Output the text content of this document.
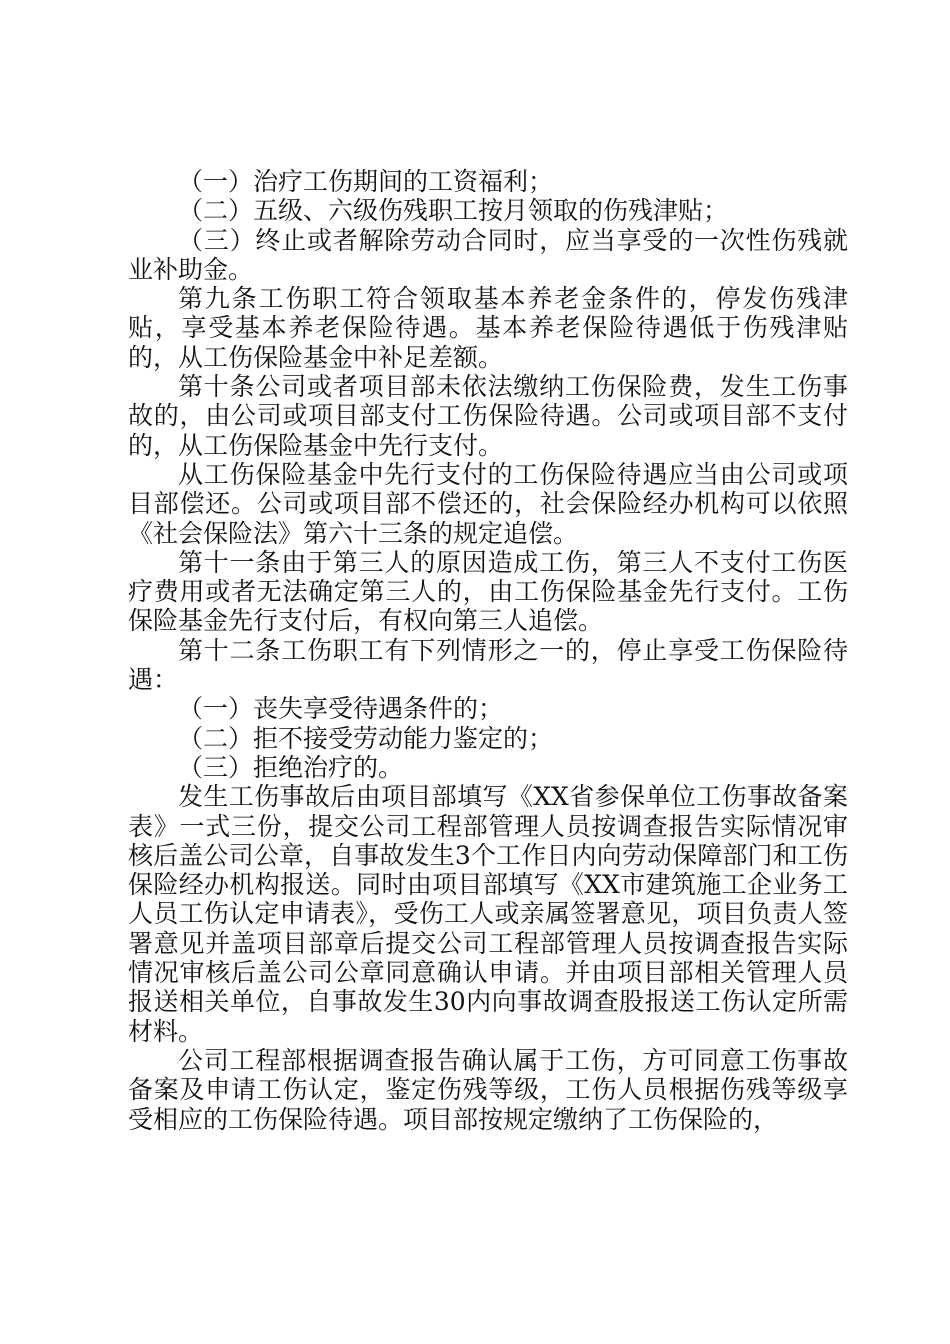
（一）治疗工伤期间的工资福利；

（二）五级、六级伤残职工按月领取的伤残津贴；

（三）终止或者解除劳动合同时，应当享受的一次性伤残就业补助金。

第九条工伤职工符合领取基本养老金条件的，停发伤残津贴，享受基本养老保险待遇。基本养老保险待遇低于伤残津贴的，从工伤保险基金中补足差额。

第十条公司或者项目部未依法缴纳工伤保险费，发生工伤事故的，由公司或项目部支付工伤保险待遇。公司或项目部不支付的，从工伤保险基金中先行支付。

从工伤保险基金中先行支付的工伤保险待遇应当由公司或项目部偿还。公司或项目部不偿还的，社会保险经办机构可以依照《社会保险法》第六十三条的规定追偿。

第十一条由于第三人的原因造成工伤，第三人不支付工伤医疗费用或者无法确定第三人的，由工伤保险基金先行支付。工伤保险基金先行支付后，有权向第三人追偿。

第十二条工伤职工有下列情形之一的，停止享受工伤保险待遇：

（一）丧失享受待遇条件的；

（二）拒不接受劳动能力鉴定的；

（三）拒绝治疗的。

发生工伤事故后由项目部填写《XX省参保单位工伤事故备案表》一式三份，提交公司工程部管理人员按调查报告实际情况审核后盖公司公章，自事故发生3个工作日内向劳动保障部门和工伤保险经办机构报送。同时由项目部填写《XX市建筑施工企业务工人员工伤认定申请表》，受伤工人或亲属签署意见，项目负责人签署意见并盖项目部章后提交公司工程部管理人员按调查报告实际情况审核后盖公司公章同意确认申请。并由项目部相关管理人员报送相关单位，自事故发生30内向事故调查股报送工伤认定所需材料。

公司工程部根据调查报告确认属于工伤，方可同意工伤事故备案及申请工伤认定，鉴定伤残等级，工伤人员根据伤残等级享受相应的工伤保险待遇。项目部按规定缴纳了工伤保险的，
